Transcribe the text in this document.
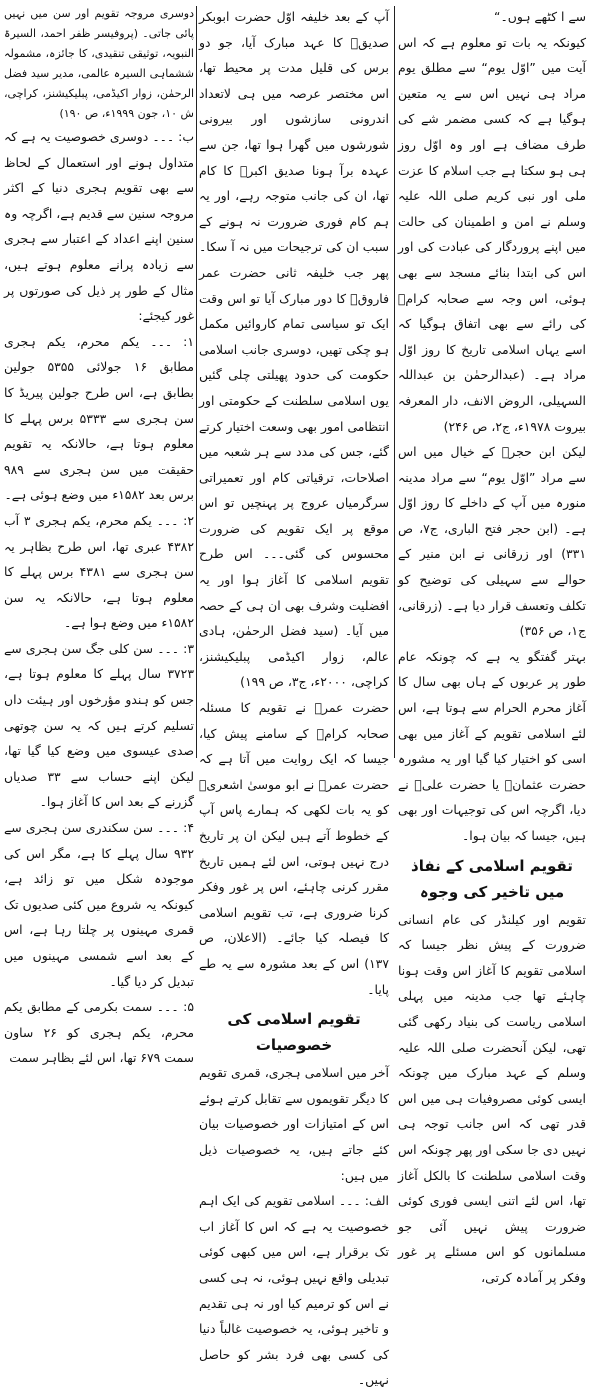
سے ا کٹھے ہوں۔“

کیونکہ یہ بات تو معلوم ہے کہ اس آیت میں ”اوّل یوم“ سے مطلق یوم مراد ہی نہیں اس سے یہ متعین ہوگیا ہے کہ کسی مضمر شے کی طرف مضاف ہے اور وہ اوّل روز ہی ہو سکتا ہے جب اسلام کا عزت ملی اور نبی کریم صلی اللہ علیہ وسلم نے امن و اطمینان کی حالت میں اپنے پروردگار کی عبادت کی اور اس کی ابتدا بنائے مسجد سے بھی ہوئی، اس وجہ سے صحابہ کرامؓ کی رائے سے بھی اتفاق ہوگیا کہ اسے یہاں اسلامی تاریخ کا روز اوّل مراد ہے۔ (عبدالرحمٰن بن عبداللہ السہیلی، الروض الانف، دار المعرفہ بیروت ۱۹۷۸ء، ج۲، ص ۲۴۶)

لیکن ابن حجرؒ کے خیال میں اس سے مراد ”اوّل یوم“ سے مراد مدینہ منورہ میں آپ کے داخلے کا روز اوّل ہے۔ (ابن حجر فتح الباری، ج۷، ص ۳۳۱) اور زرقانی نے ابن منیر کے حوالے سے سہیلی کی توضیح کو تکلف وتعسف قرار دیا ہے۔ (زرقانی، ج۱، ص ۳۵۶)

بہتر گفتگو یہ ہے کہ چونکہ عام طور پر عربوں کے ہاں بھی سال کا آغاز محرم الحرام سے ہوتا ہے، اس لئے اسلامی تقویم کے آغاز میں بھی اسی کو اختیار کیا گیا اور یہ مشورہ حضرت عثمانؓ یا حضرت علیؓ نے دیا، اگرچہ اس کی توجیہات اور بھی ہیں، جیسا کہ بیان ہوا۔

تقویم اسلامی کے نفاذ میں تاخیر کی وجوہ

تقویم اور کیلنڈر کی عام انسانی ضرورت کے پیش نظر جیسا کہ اسلامی تقویم کا آغاز اس وقت ہونا چاہئے تھا جب مدینہ میں پہلی اسلامی ریاست کی بنیاد رکھی گئی تھی، لیکن آنحضرت صلی اللہ علیہ وسلم کے عہد مبارک میں چونکہ ایسی کوئی مصروفیات ہی میں اس قدر تھی کہ اس جانب توجہ ہی نہیں دی جا سکی اور پھر چونکہ اس وقت اسلامی سلطنت کا بالکل آغاز تھا، اس لئے اتنی ایسی فوری کوئی ضرورت پیش نہیں آئی جو مسلمانوں کو اس مسئلے پر غور وفکر پر آمادہ کرتی،

آپ کے بعد خلیفہ اوّل حضرت ابوبکر صدیقؓ کا عہد مبارک آیا، جو دو برس کی قلیل مدت پر محیط تھا، اس مختصر عرصہ میں ہی لاتعداد اندرونی سازشوں اور بیرونی شورشوں میں گھرا ہوا تھا، جن سے عہدہ برآ ہونا صدیق اکبرؓ کا کام تھا، ان کی جانب متوجہ رہے، اور یہ ہم کام فوری ضرورت نہ ہونے کے سبب ان کی ترجیحات میں نہ آ سکا۔

پھر جب خلیفہ ثانی حضرت عمر فاروقؓ کا دور مبارک آیا تو اس وقت ایک تو سیاسی تمام کاروائیں مکمل ہو چکی تھیں، دوسری جانب اسلامی حکومت کی حدود پھیلتی چلی گئیں یوں اسلامی سلطنت کے حکومتی اور انتظامی امور بھی وسعت اختیار کرتے گئے، جس کی مدد سے ہر شعبہ میں اصلاحات، ترقیاتی کام اور تعمیراتی سرگرمیاں عروج پر پہنچیں تو اس موقع پر ایک تقویم کی ضرورت محسوس کی گئی۔۔۔ اس طرح تقویم اسلامی کا آغاز ہوا اور یہ افضلیت وشرف بھی ان ہی کے حصہ میں آیا۔ (سید فضل الرحمٰن، ہادی عالم، زوار اکیڈمی پبلیکیشنز، کراچی، ۲۰۰۰ء، ج۳، ص ۱۹۹)

حضرت عمرؓ نے تقویم کا مسئلہ صحابہ کرامؓ کے سامنے پیش کیا، جیسا کہ ایک روایت میں آتا ہے کہ حضرت عمرؓ نے ابو موسیٰ اشعریؓ کو یہ بات لکھی کہ ہمارے پاس آپ کے خطوط آتے ہیں لیکن ان پر تاریخ درج نہیں ہوتی، اس لئے ہمیں تاریخ مقرر کرنی چاہئے، اس پر غور وفکر کرنا ضروری ہے، تب تقویم اسلامی کا فیصلہ کیا جائے۔ (الاعلان، ص ۱۳۷) اس کے بعد مشورہ سے یہ طے پایا۔

تقویم اسلامی کی خصوصیات

آخر میں اسلامی ہجری، قمری تقویم کا دیگر تقویموں سے تقابل کرتے ہوئے اس کے امتیازات اور خصوصیات بیان کئے جاتے ہیں، یہ خصوصیات ذیل میں ہیں:

الف: ۔۔۔ اسلامی تقویم کی ایک اہم خصوصیت یہ ہے کہ اس کا آغاز اب تک برقرار ہے، اس میں کبھی کوئی تبدیلی واقع نہیں ہوئی، نہ ہی کسی نے اس کو ترمیم کیا اور نہ ہی تقدیم و تاخیر ہوئی، یہ خصوصیت غالباً دنیا کی کسی بھی فرد بشر کو حاصل نہیں۔

دوسری مروجہ تقویم اور سن میں نہیں پائی جاتی۔ (پروفیسر ظفر احمد، السیرۃ النبویہ، توثیقی تنقیدی، کا جائزہ، مشمولہ ششماہی السیرہ عالمی، مدیر سید فضل الرحمٰن، زوار اکیڈمی، پبلیکیشنز، کراچی، ش ۱۰، جون ۱۹۹۹ء، ص ۱۹۰)

ب: ۔۔۔ دوسری خصوصیت یہ ہے کہ متداول ہونے اور استعمال کے لحاظ سے بھی تقویم ہجری دنیا کے اکثر مروجہ سنین سے قدیم ہے، اگرچہ وہ سنین اپنے اعداد کے اعتبار سے ہجری سے زیادہ پرانے معلوم ہوتے ہیں، مثال کے طور پر ذیل کی صورتوں پر غور کیجئے:

۱: ۔۔۔ یکم محرم، یکم ہجری مطابق ۱۶ جولائی ۵۳۵۵ جولین بطابق ہے، اس طرح جولین پیریڈ کا سن ہجری سے ۵۳۳۳ برس پہلے کا معلوم ہوتا ہے، حالانکہ یہ تقویم حقیقت میں سن ہجری سے ۹۸۹ برس بعد ۱۵۸۲ء میں وضع ہوئی ہے۔

۲: ۔۔۔ یکم محرم، یکم ہجری ۳ آب ۴۳۸۲ عبری تھا، اس طرح بظاہر یہ سن ہجری سے ۴۳۸۱ برس پہلے کا معلوم ہوتا ہے، حالانکہ یہ سن ۱۵۸۲ء میں وضع ہوا ہے۔

۳: ۔۔۔ سن کلی جگ سن ہجری سے ۳۷۲۳ سال پہلے کا معلوم ہوتا ہے، جس کو ہندو مؤرخوں اور ہیئت داں تسلیم کرتے ہیں کہ یہ سن چوتھی صدی عیسوی میں وضع کیا گیا تھا، لیکن اپنے حساب سے ۳۳ صدیاں گزرنے کے بعد اس کا آغاز ہوا۔

۴: ۔۔۔ سن سکندری سن ہجری سے ۹۳۲ سال پہلے کا ہے، مگر اس کی موجودہ شکل میں تو زائد ہے، کیونکہ یہ شروع میں کئی صدیوں تک قمری مہینوں پر چلتا رہا ہے، اس کے بعد اسے شمسی مہینوں میں تبدیل کر دیا گیا۔

۵: ۔۔۔ سمت بکرمی کے مطابق یکم محرم، یکم ہجری کو ۲۶ ساون سمت ۶۷۹ تھا، اس لئے بظاہر سمت
